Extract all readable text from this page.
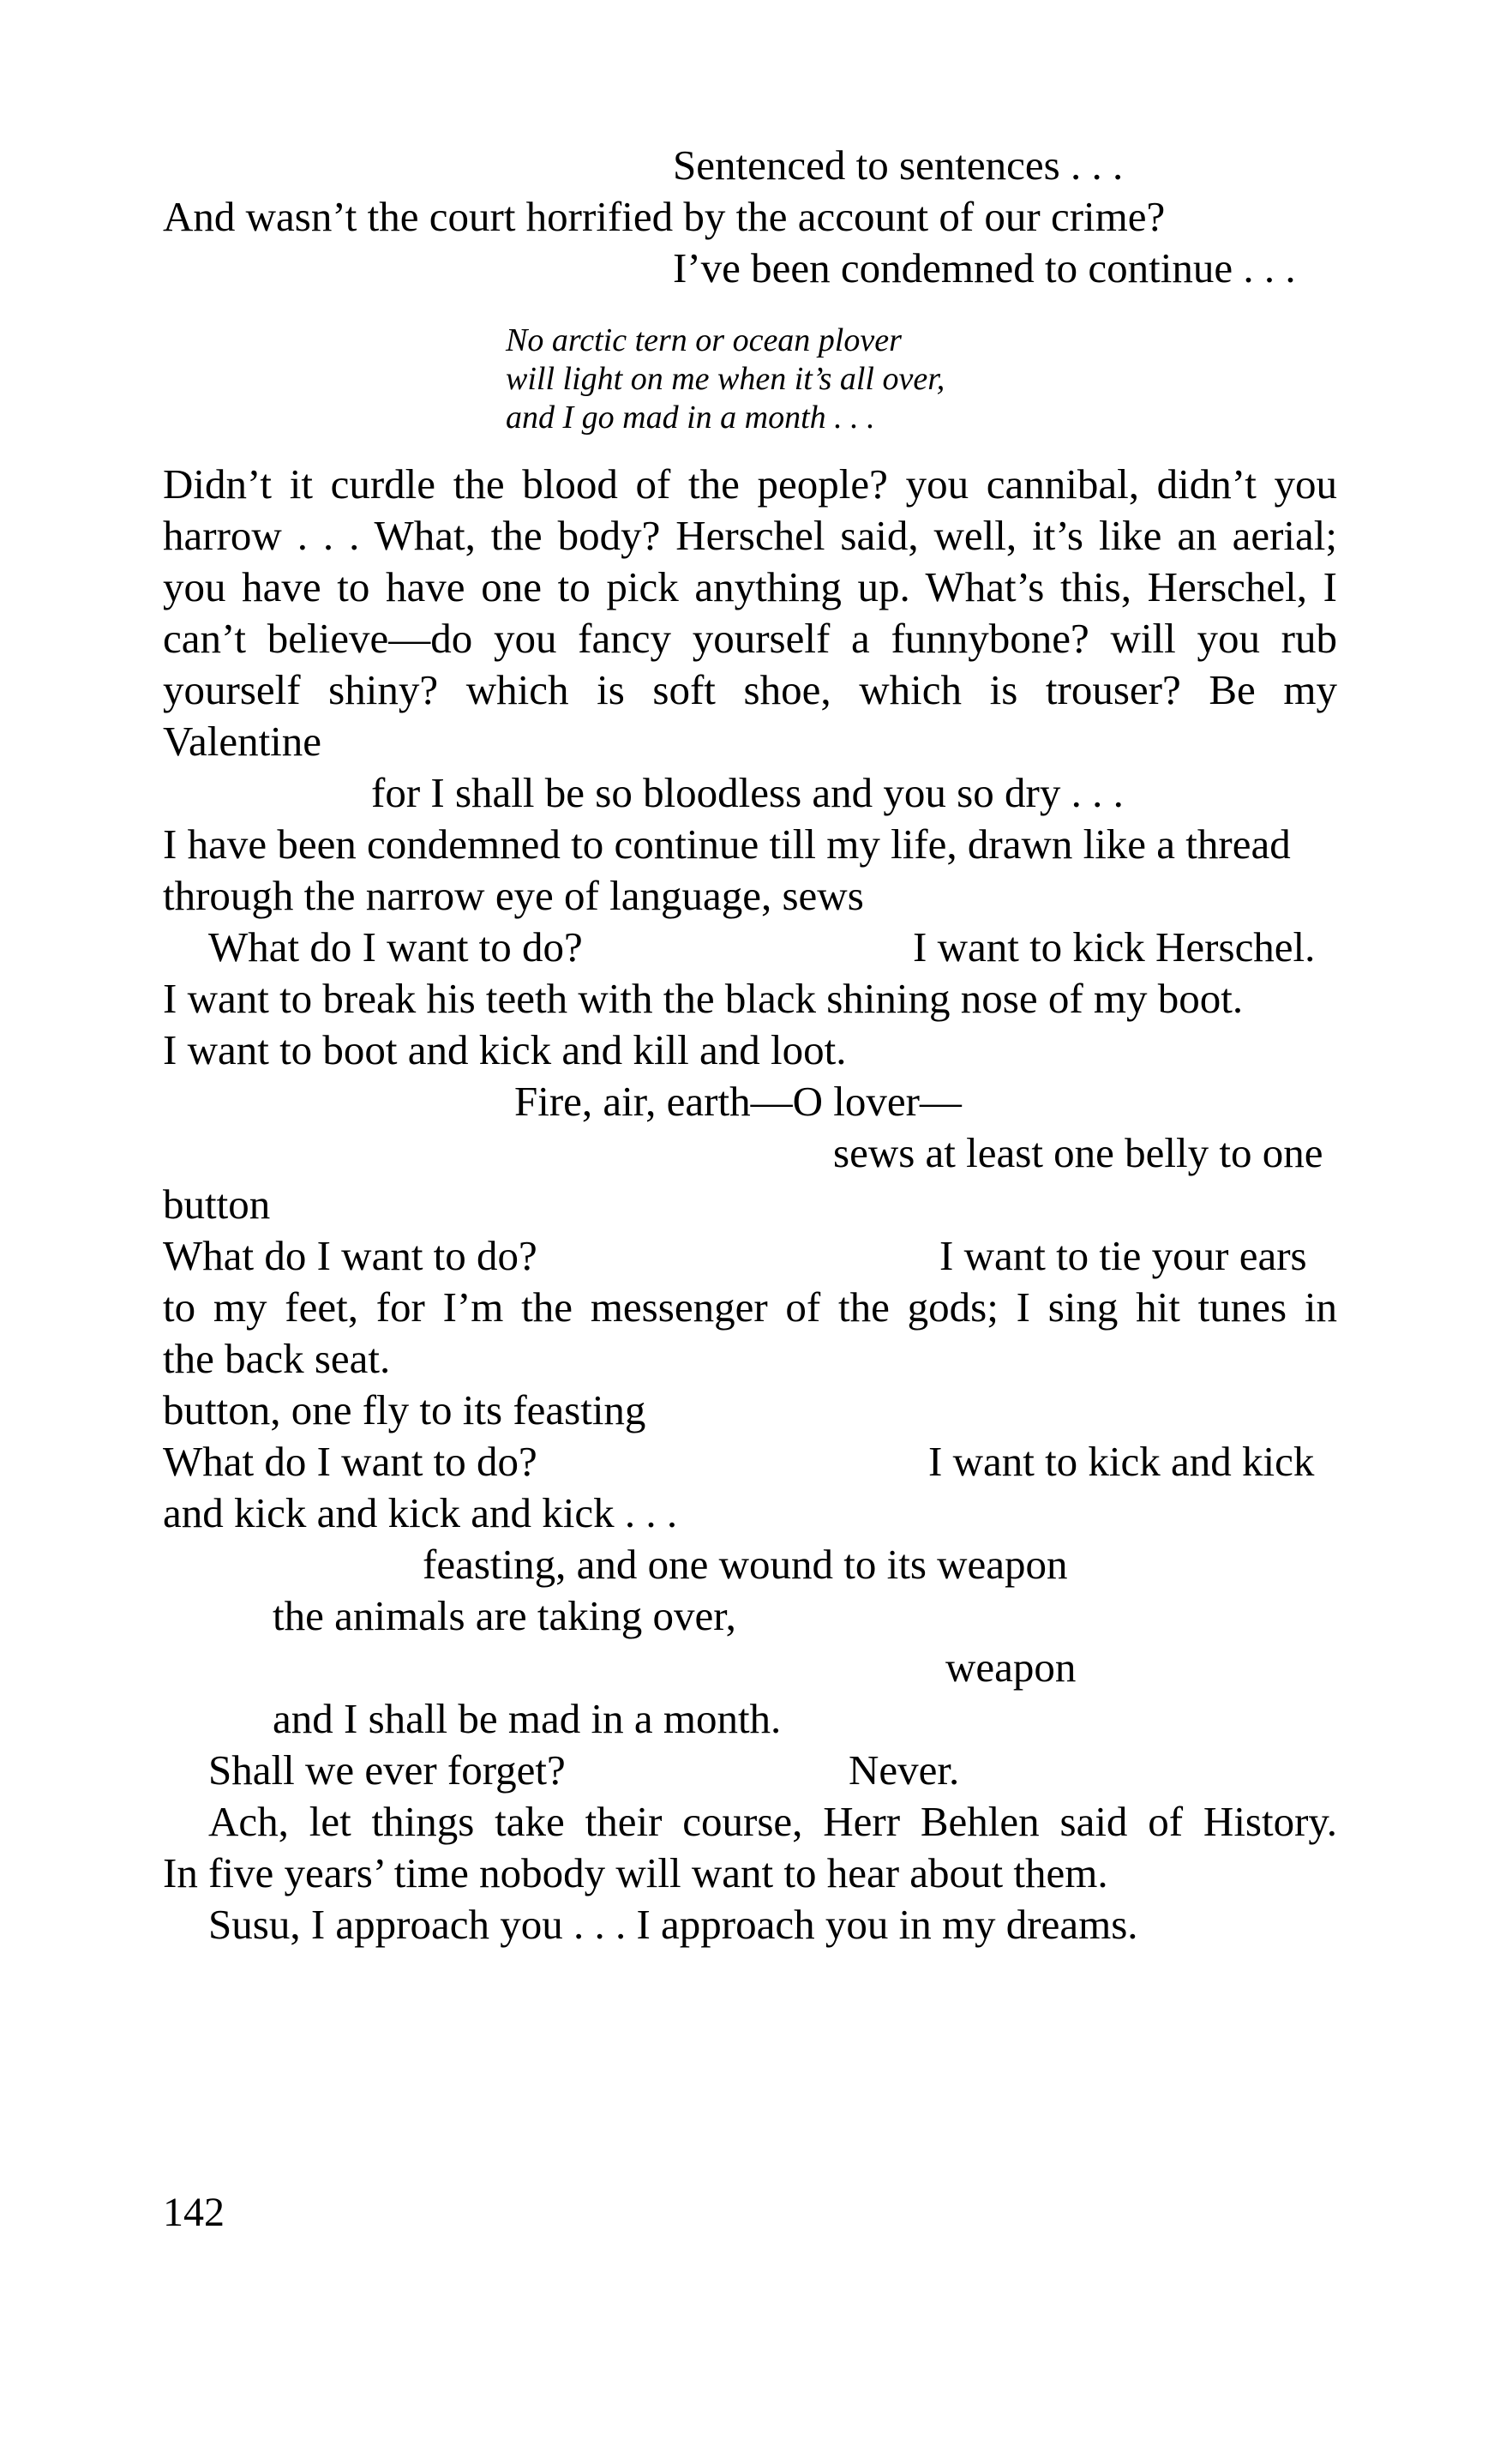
Sentenced to sentences . . .

And wasn’t the court horrified by the account of our crime?

I’ve been condemned to continue . . .

No arctic tern or ocean plover

will light on me when it’s all over,

and I go mad in a month . . .

Didn’t it curdle the blood of the people? you cannibal, didn’t you

harrow . . . What, the body? Herschel said, well, it’s like an aerial;

you have to have one to pick anything up. What’s this, Herschel, I

can’t believe—do you fancy yourself a funnybone? will you rub

yourself shiny? which is soft shoe, which is trouser? Be my

Valentine

for I shall be so bloodless and you so dry . . .

I have been condemned to continue till my life, drawn like a thread

through the narrow eye of language, sews

What do I want to do?	I want to kick Herschel.

I want to break his teeth with the black shining nose of my boot.

I want to boot and kick and kill and loot.

Fire, air, earth—O lover—

sews at least one belly to one

button

What do I want to do?	I want to tie your ears

to my feet, for I’m the messenger of the gods; I sing hit tunes in

the back seat.

button, one fly to its feasting

What do I want to do?	I want to kick and kick

and kick and kick and kick . . .

feasting, and one wound to its weapon

the animals are taking over,

weapon

and I shall be mad in a month.

Shall we ever forget?	Never.

Ach, let things take their course, Herr Behlen said of History.

In five years’ time nobody will want to hear about them.

Susu, I approach you . . . I approach you in my dreams.

142
